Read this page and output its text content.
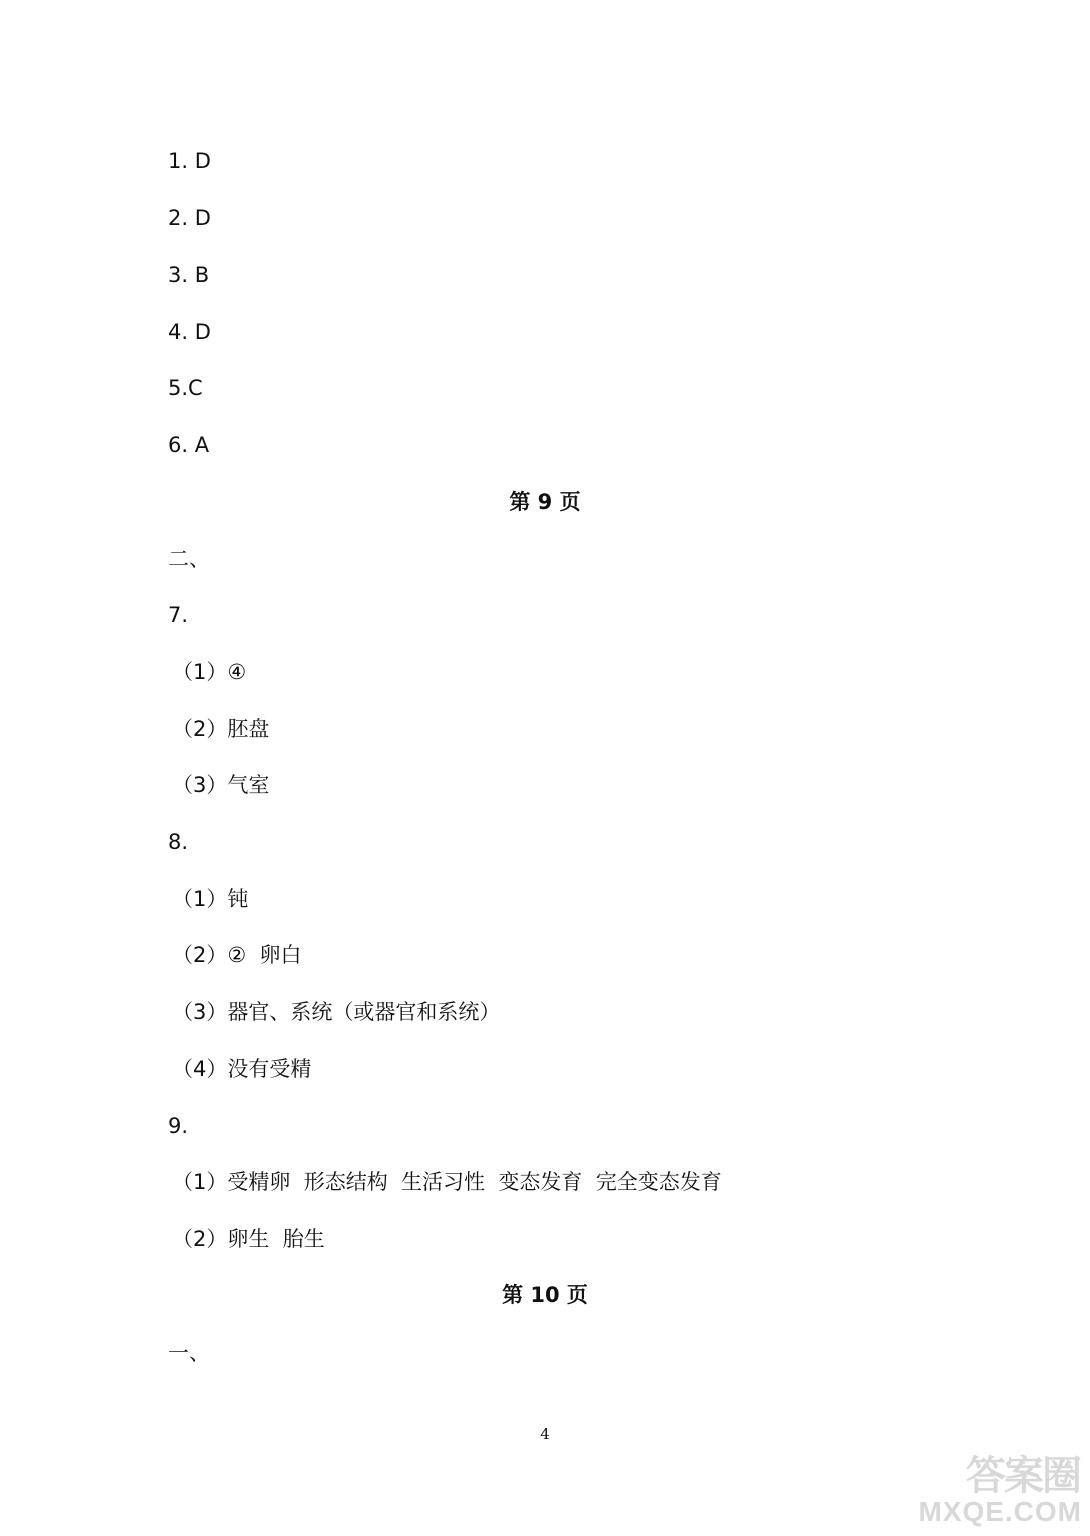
1. D
2. D
3. B
4. D
5.C
6. A
第 9 页
二、
7.
（1）④
（2）胚盘
（3）气室
8.
（1）钝
（2）②  卵白
（3）器官、系统（或器官和系统）
（4）没有受精
9.
（1）受精卵  形态结构  生活习性  变态发育  完全变态发育
（2）卵生  胎生
第 10 页
一、
4
答案圈
MXQE.COM
